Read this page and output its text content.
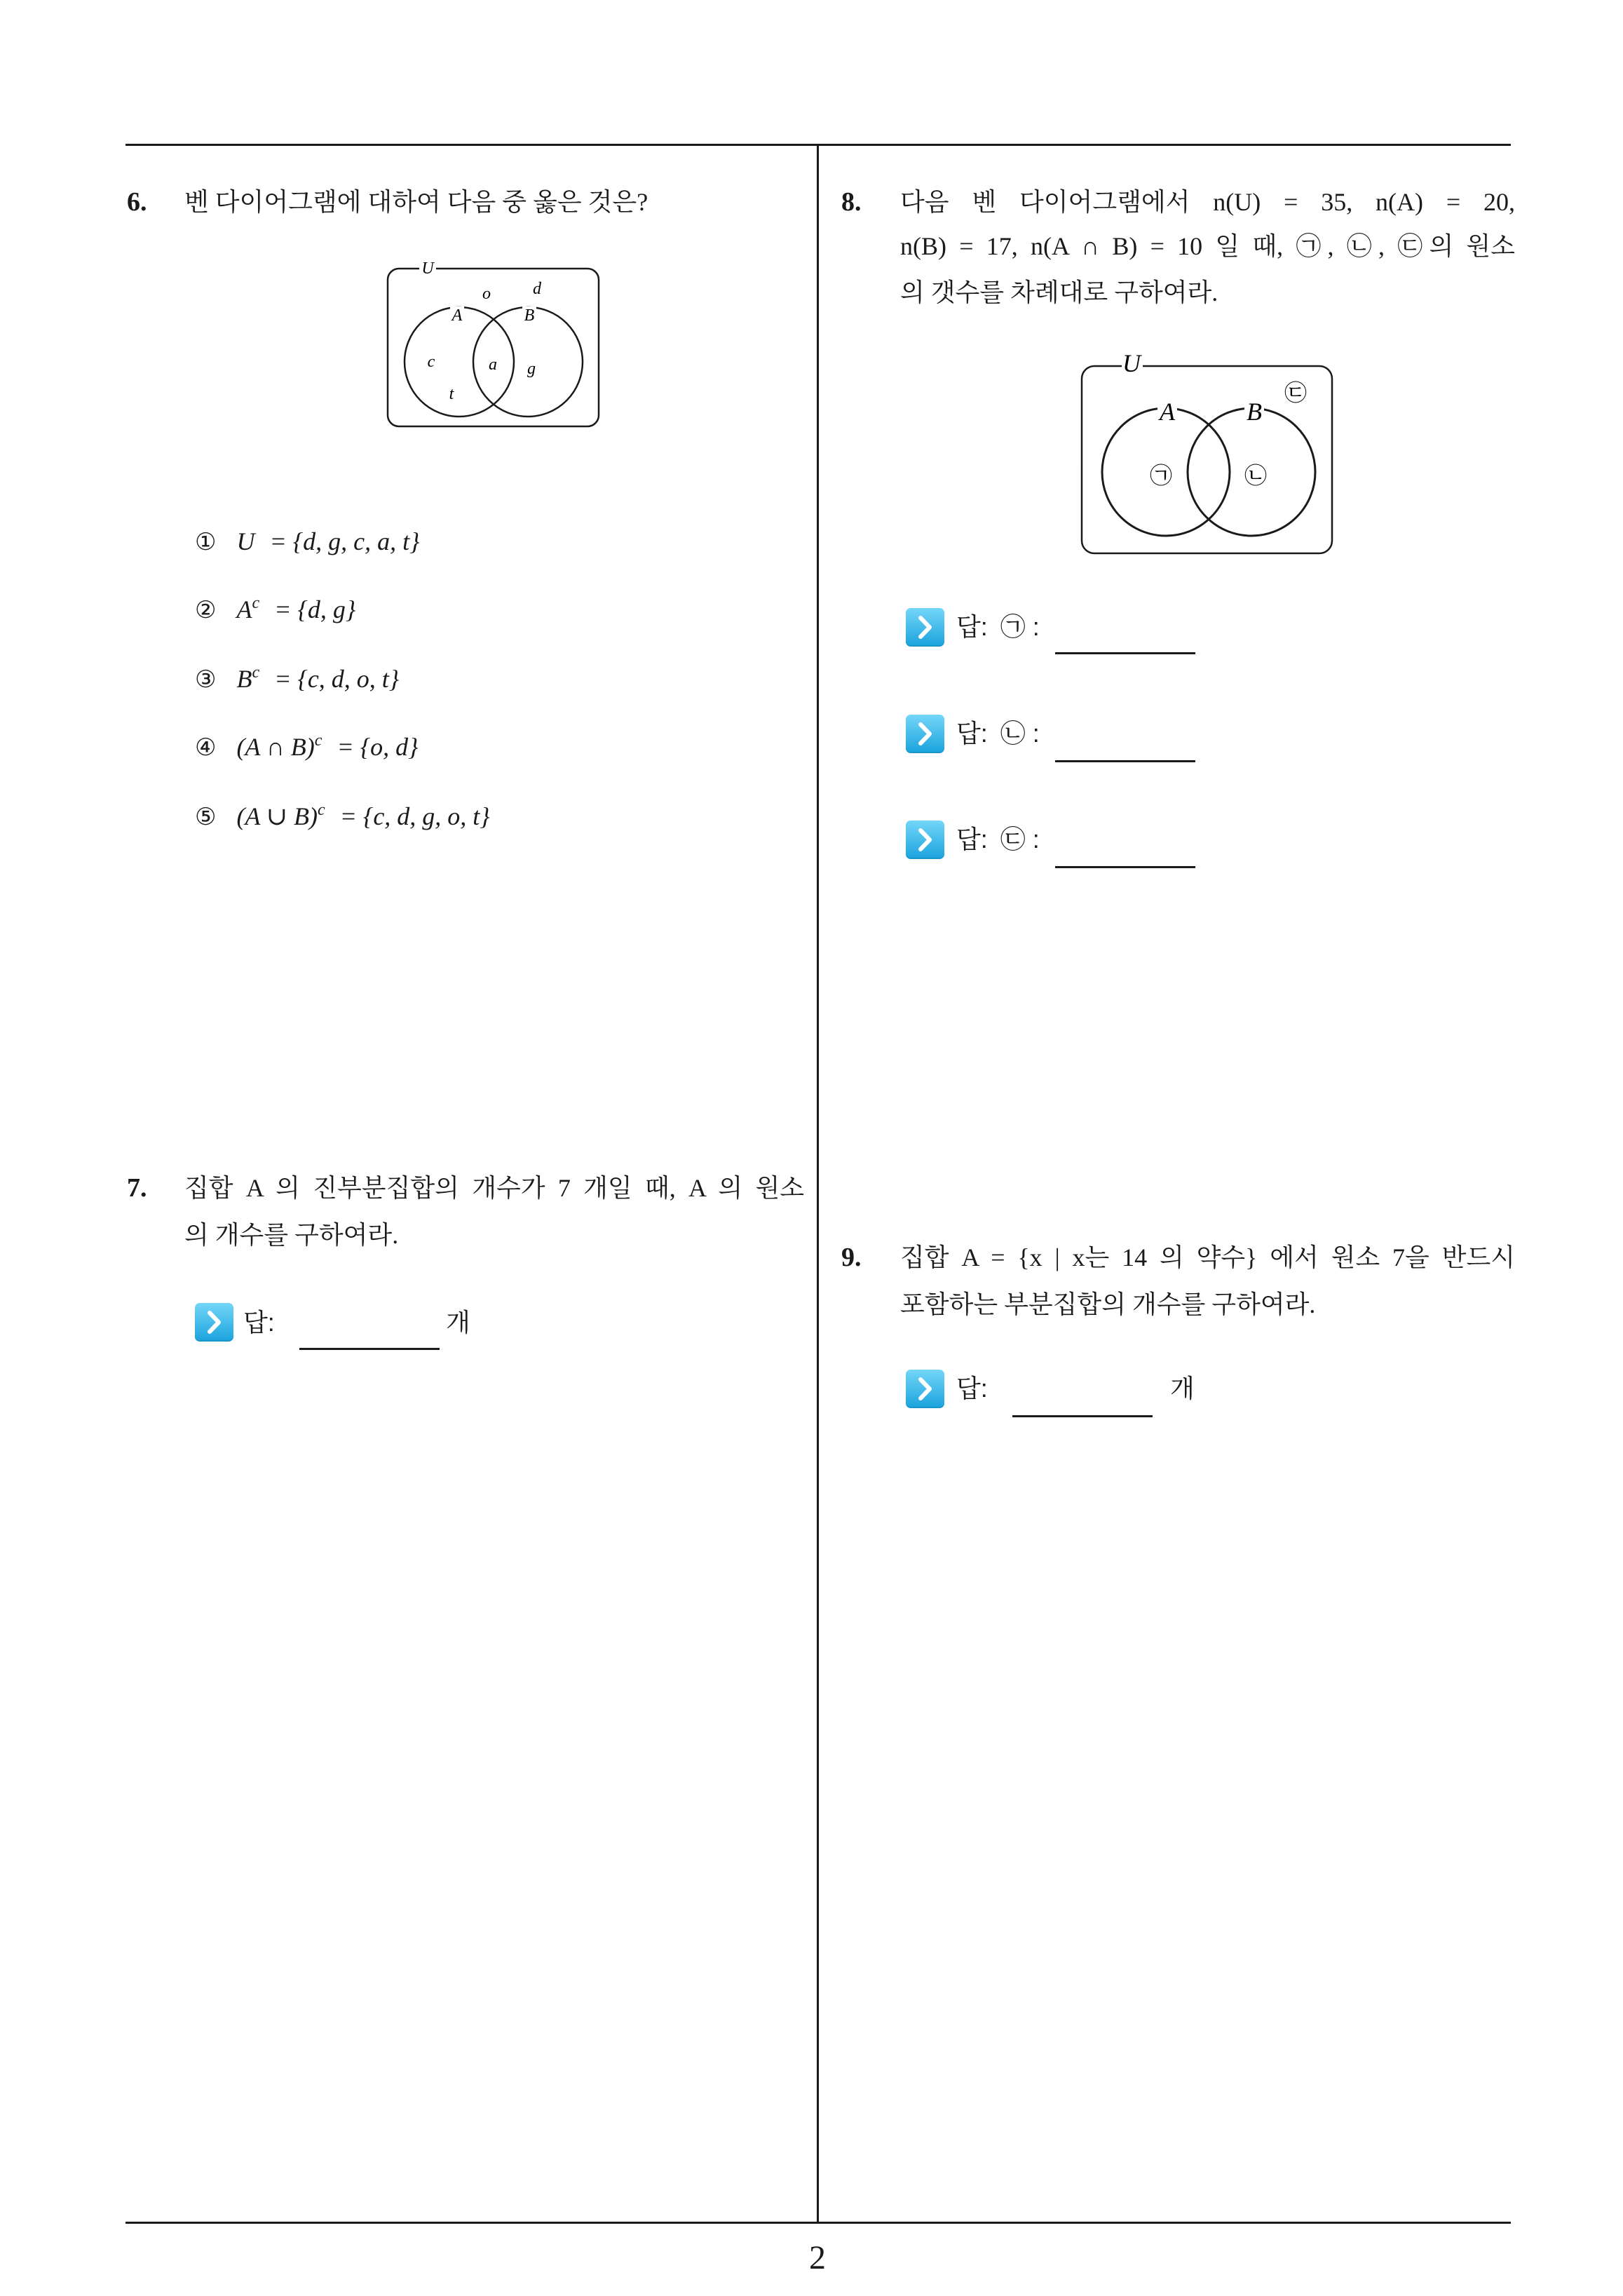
6. 벤 다이어그램에 대하여 다음 중 옳은 것은?
U
A	B
o	d
c	a g
t
① U = {d, g, c, a, t}
② $A^c = \{d$, g}
③ $B^c = \{c$, d, o, t}
④ (A ∩ B)$^c$ = {o, d}
⑤ (A ∪ B)$^c$ = {c, d, g, o, t}
7. 집합 A 의 진부분집합의 개수가 7 개일 때, A 의 원소
의 개수를 구하여라.
답:	개
8. 다음 벤 다이어그램에서 n(U) = 35, n(A) = 20,
n(B) = 17, n(A ∩ B) = 10 일 때, ㉠, ㉡, ㉢의 원소
의 갯수를 차례대로 구하여라.
U
A	B
㉠	㉡
㉢
답: ㉠ :
답: ㉡ :
답: ㉢ :
9. 집합 A = {x | x는 14 의 약수} 에서 원소 7을 반드시
포함하는 부분집합의 개수를 구하여라.
답:	개
2
